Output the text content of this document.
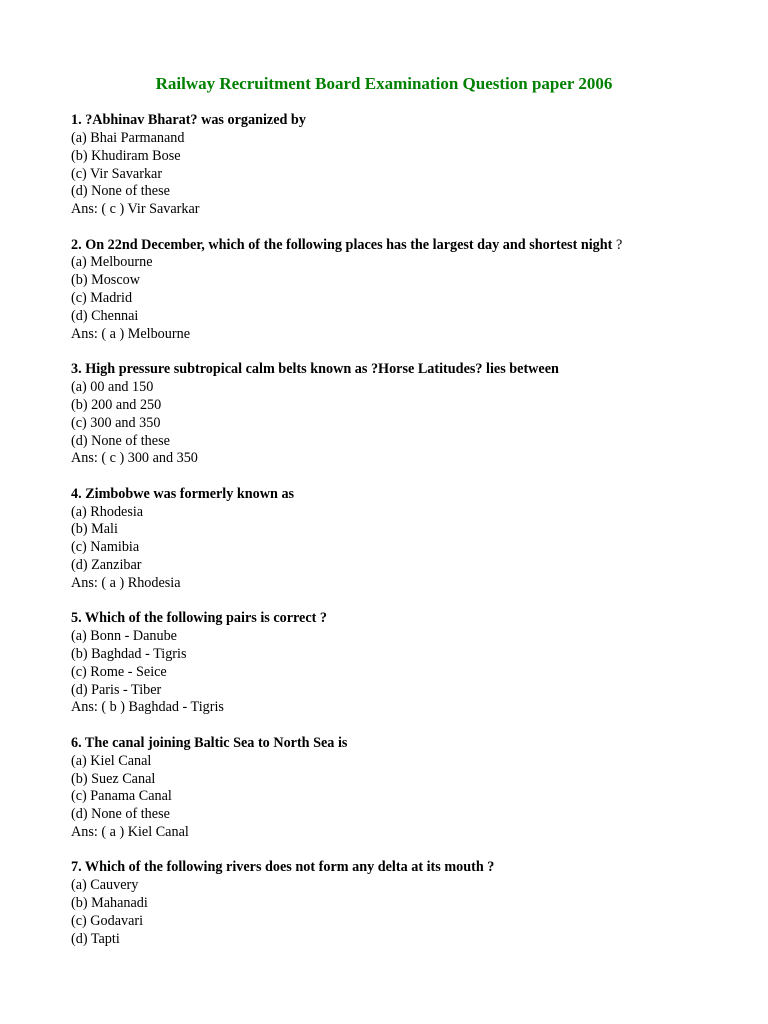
Railway Recruitment Board Examination Question paper 2006
1. ?Abhinav Bharat? was organized by
(a) Bhai Parmanand
(b) Khudiram Bose
(c) Vir Savarkar
(d) None of these
Ans: ( c ) Vir Savarkar
2. On 22nd December, which of the following places has the largest day and shortest night ?
(a) Melbourne
(b) Moscow
(c) Madrid
(d) Chennai
Ans: ( a ) Melbourne
3. High pressure subtropical calm belts known as ?Horse Latitudes? lies between
(a) 00 and 150
(b) 200 and 250
(c) 300 and 350
(d) None of these
Ans: ( c ) 300 and 350
4. Zimbobwe was formerly known as
(a) Rhodesia
(b) Mali
(c) Namibia
(d) Zanzibar
Ans: ( a ) Rhodesia
5. Which of the following pairs is correct ?
(a) Bonn - Danube
(b) Baghdad - Tigris
(c) Rome - Seice
(d) Paris - Tiber
Ans: ( b ) Baghdad - Tigris
6. The canal joining Baltic Sea to North Sea is
(a) Kiel Canal
(b) Suez Canal
(c) Panama Canal
(d) None of these
Ans: ( a ) Kiel Canal
7. Which of the following rivers does not form any delta at its mouth ?
(a) Cauvery
(b) Mahanadi
(c) Godavari
(d) Tapti
